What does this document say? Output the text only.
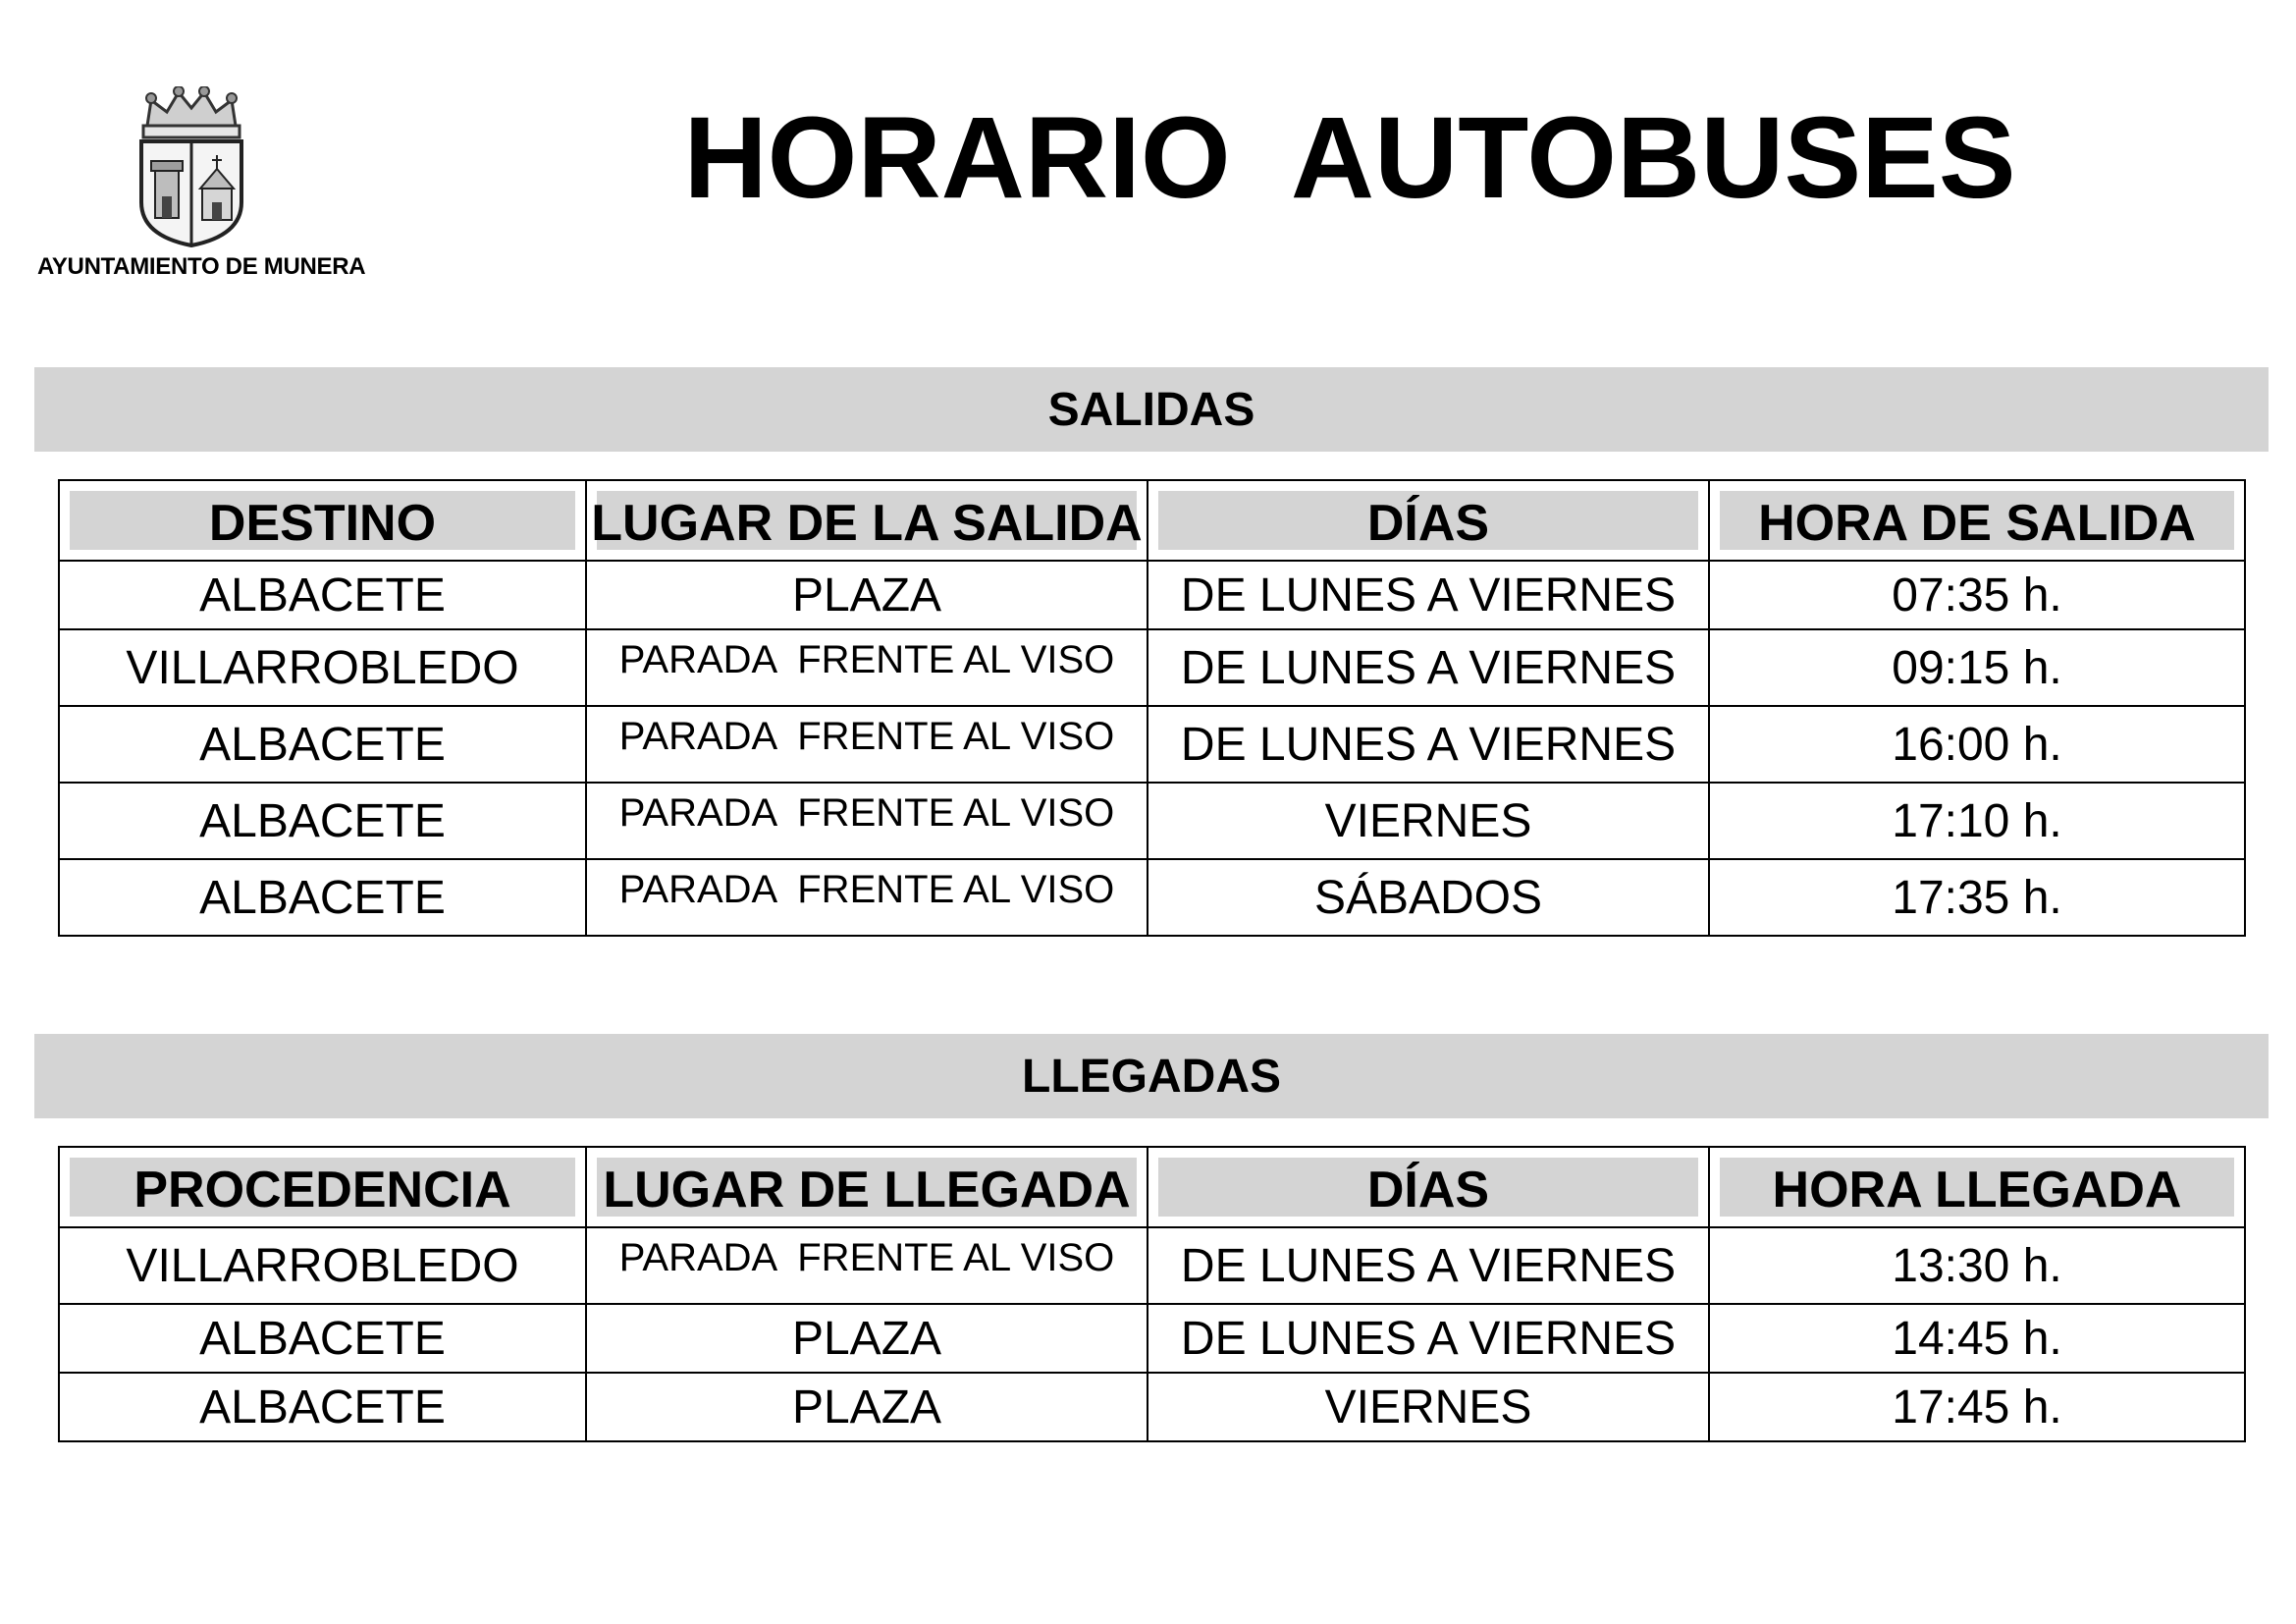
AYUNTAMIENTO DE MUNERA
HORARIO  AUTOBUSES
SALIDAS
DESTINO	LUGAR DE LA SALIDA	DÍAS	HORA DE SALIDA
ALBACETE	PLAZA	DE LUNES A VIERNES	07:35 h.
VILLARROBLEDO	PARADA  FRENTE AL VISO	DE LUNES A VIERNES	09:15 h.
ALBACETE	PARADA  FRENTE AL VISO	DE LUNES A VIERNES	16:00 h.
ALBACETE	PARADA  FRENTE AL VISO	VIERNES	17:10 h.
ALBACETE	PARADA  FRENTE AL VISO	SÁBADOS	17:35 h.
LLEGADAS
PROCEDENCIA	LUGAR DE LLEGADA	DÍAS	HORA LLEGADA
VILLARROBLEDO	PARADA  FRENTE AL VISO	DE LUNES A VIERNES	13:30 h.
ALBACETE	PLAZA	DE LUNES A VIERNES	14:45 h.
ALBACETE	PLAZA	VIERNES	17:45 h.
